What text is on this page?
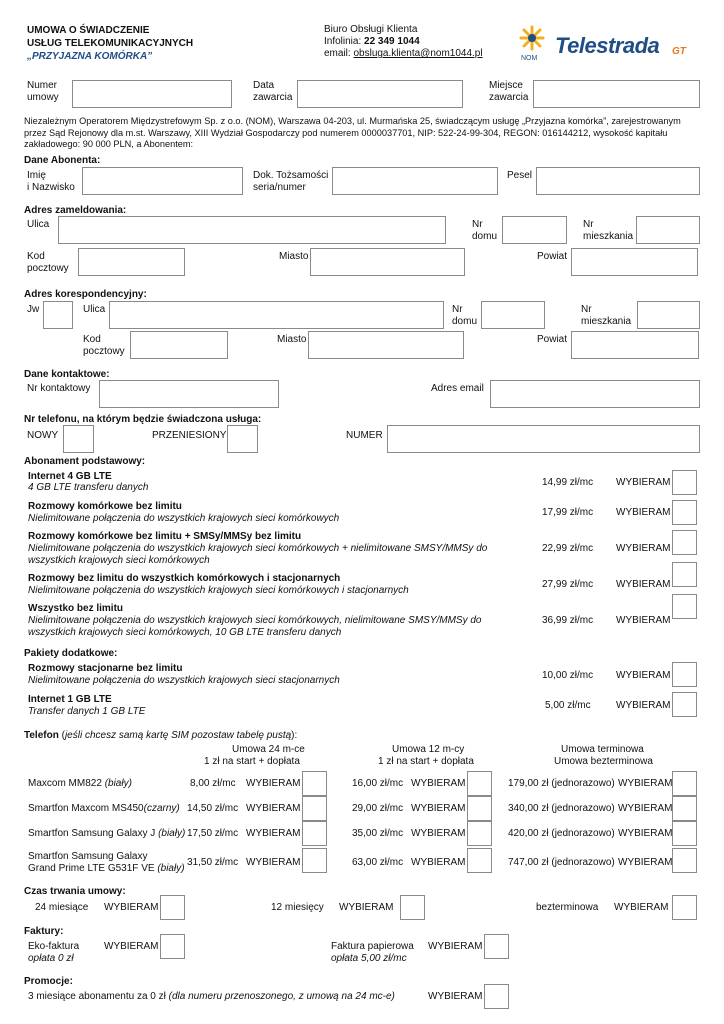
UMOWA O ŚWIADCZENIE
USŁUG TELEKOMUNIKACYJNYCH
„PRZYJAZNA KOMÓRKA”
Biuro Obsługi Klienta
Infolinia: 22 349 1044
email: obsluga.klienta@nom1044.pl	NOM
Telestrada GT
Numer
umowy
Data
zawarcia
Miejsce
zawarcia
Niezależnym Operatorem Międzystrefowym Sp. z o.o. (NOM), Warszawa 04-203, ul. Murmańska 25, świadczącym usługę „Przyjazna komórka”, zarejestrowanym przez Sąd Rejonowy dla m.st. Warszawy, XIII Wydział Gospodarczy pod numerem 0000037701, NIP: 522-24-99-304, REGON: 016144212, wysokość kapitału zakładowego: 90 000 PLN, a Abonentem:
Dane Abonenta:
Imię
i Nazwisko
Dok. Tożsamości
seria/numer
Pesel
Adres zameldowania:
Ulica	Nr
domu
Nr
mieszkania
Kod
pocztowy
Miasto	Powiat
Adres korespondencyjny:
Jw	Ulica	Nr
domu
Nr
mieszkania
Kod
pocztowy
Miasto	Powiat
Dane kontaktowe:
Nr kontaktowy	Adres email
Nr telefonu, na którym będzie świadczona usługa:
NOWY	PRZENIESIONY	NUMER
Abonament podstawowy:
Internet 4 GB LTE
4 GB LTE transferu danych	14,99 zł/mc WYBIERAM
Rozmowy komórkowe bez limitu
Nielimitowane połączenia do wszystkich krajowych sieci komórkowych
17,99 zł/mc WYBIERAM
Rozmowy komórkowe bez limitu + SMSy/MMSy bez limitu
Nielimitowane połączenia do wszystkich krajowych sieci komórkowych + nielimitowane SMSY/MMSy do wszystkich krajowych sieci komórkowych
22,99 zł/mc WYBIERAM
Rozmowy bez limitu do wszystkich komórkowych i stacjonarnych
Nielimitowane połączenia do wszystkich krajowych sieci komórkowych i stacjonarnych
27,99 zł/mc WYBIERAM
Wszystko bez limitu
Nielimitowane połączenia do wszystkich krajowych sieci komórkowych, nielimitowane SMSY/MMSy do wszystkich krajowych sieci komórkowych, 10 GB LTE transferu danych
36,99 zł/mc WYBIERAM
Pakiety dodatkowe:
Rozmowy stacjonarne bez limitu
Nielimitowane połączenia do wszystkich krajowych sieci stacjonarnych	10,00 zł/mc WYBIERAM
Internet 1 GB LTE
Transfer danych 1 GB LTE
5,00 zł/mc	WYBIERAM
Telefon (jeśli chcesz samą kartę SIM pozostaw tabelę pustą):
Umowa 24 m-ce
1 zł na start + dopłata
Umowa 12 m-cy
1 zł na start + dopłata
Umowa terminowa
Umowa bezterminowa
Maxcom MM822 (biały)	8,00 zł/mc WYBIERAM	16,00 zł/mc WYBIERAM	179,00 zł (jednorazowo) WYBIERAM
Smartfon Maxcom MS450(czarny) 14,50 zł/mc WYBIERAM	29,00 zł/mc WYBIERAM	340,00 zł (jednorazowo) WYBIERAM
Smartfon Samsung Galaxy J (biały) 17,50 zł/mc WYBIERAM	35,00 zł/mc WYBIERAM	420,00 zł (jednorazowo) WYBIERAM
Smartfon Samsung Galaxy
Grand Prime LTE G531F VE (biały)
31,50 zł/mc WYBIERAM	63,00 zł/mc WYBIERAM	747,00 zł (jednorazowo) WYBIERAM
Czas trwania umowy:
24 miesiące WYBIERAM	12 miesięcy WYBIERAM	bezterminowa WYBIERAM
Faktury:
Eko-faktura
opłata 0 zł
WYBIERAM	Faktura papierowa
opłata 5,00 zł/mc
WYBIERAM
Promocje:
3 miesiące abonamentu za 0 zł (dla numeru przenoszonego, z umową na 24 mc-e)	WYBIERAM
